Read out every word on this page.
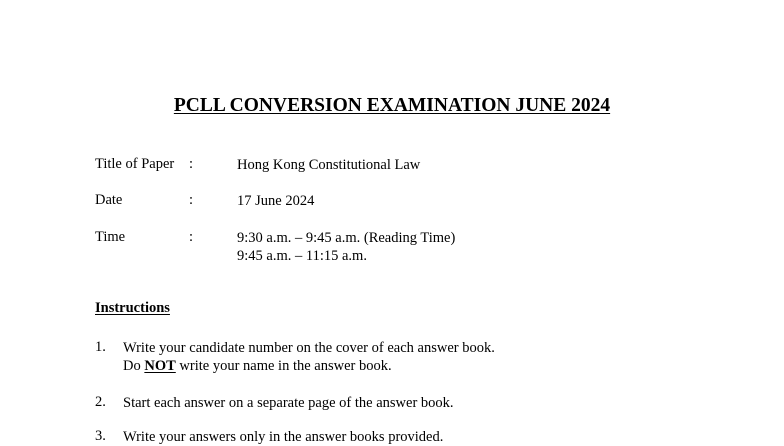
PCLL CONVERSION EXAMINATION JUNE 2024
Title of Paper :	Hong Kong Constitutional Law
Date	:	17 June 2024
Time	:	9:30 a.m. – 9:45 a.m. (Reading Time)
9:45 a.m. – 11:15 a.m.
Instructions
1. Write your candidate number on the cover of each answer book.
Do NOT write your name in the answer book.
2. Start each answer on a separate page of the answer book.
3. Write your answers only in the answer books provided.
